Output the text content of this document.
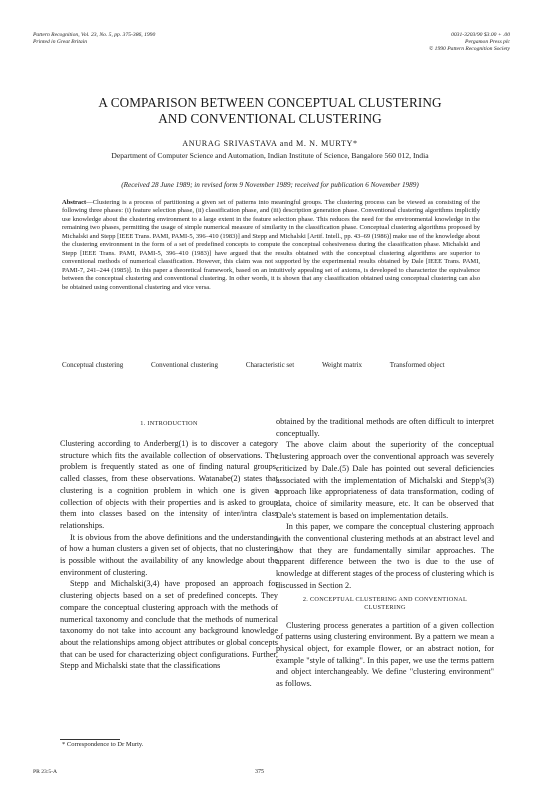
Pattern Recognition, Vol. 23, No. 5, pp. 375-386, 1990
Printed in Great Britain
0031-3203/90 $3.00 + .00
Pergamon Press plc
© 1990 Pattern Recognition Society
A COMPARISON BETWEEN CONCEPTUAL CLUSTERING
AND CONVENTIONAL CLUSTERING
ANURAG SRIVASTAVA and M. N. MURTY*
Department of Computer Science and Automation, Indian Institute of Science, Bangalore 560 012, India
(Received 28 June 1989; in revised form 9 November 1989; received for publication 6 November 1989)
Abstract—Clustering is a process of partitioning a given set of patterns into meaningful groups. The clustering process can be viewed as consisting of the following three phases: (i) feature selection phase, (ii) classification phase, and (iii) description generation phase. Conventional clustering algorithms implicitly use knowledge about the clustering environment to a large extent in the feature selection phase. This reduces the need for the environmental knowledge in the remaining two phases, permitting the usage of simple numerical measure of similarity in the classification phase. Conceptual clustering algorithms proposed by Michalski and Stepp [IEEE Trans. PAMI, PAMI-5, 396–410 (1983)] and Stepp and Michalski [Artif. Intell., pp. 43–69 (1986)] make use of the knowledge about the clustering environment in the form of a set of predefined concepts to compute the conceptual cohesiveness during the classification phase. Michalski and Stepp [IEEE Trans. PAMI, PAMI-5, 396–410 (1983)] have argued that the results obtained with the conceptual clustering algorithms are superior to conventional methods of numerical classification. However, this claim was not supported by the experimental results obtained by Dale [IEEE Trans. PAMI, PAMI-7, 241–244 (1985)]. In this paper a theoretical framework, based on an intuitively appealing set of axioms, is developed to characterize the equivalence between the conceptual clustering and conventional clustering. In other words, it is shown that any classification obtained using conceptual clustering can also be obtained using conventional clustering and vice versa.
Conceptual clustering	Conventional clustering	Characteristic set	Weight matrix	Transformed object
1. INTRODUCTION

Clustering according to Anderberg(1) is to discover a category structure which fits the available collection of observations. The problem is frequently stated as one of finding natural groups, called classes, from these observations. Watanabe(2) states that clustering is a cognition problem in which one is given a collection of objects with their properties and is asked to group them into classes based on the intensity of inter/intra class relationships.

It is obvious from the above definitions and the understanding of how a human clusters a given set of objects, that no clustering is possible without the availability of any knowledge about the environment of clustering.

Stepp and Michalski(3,4) have proposed an approach for clustering objects based on a set of predefined concepts. They compare the conceptual clustering approach with the methods of numerical taxonomy and conclude that the methods of numerical taxonomy do not take into account any background knowledge about the relationships among object attributes or global concepts that can be used for characterizing object configurations. Further, Stepp and Michalski state that the classifications

obtained by the traditional methods are often difficult to interpret conceptually.

The above claim about the superiority of the conceptual clustering approach over the conventional approach was severely criticized by Dale.(5) Dale has pointed out several deficiencies associated with the implementation of Michalski and Stepp's(3) approach like appropriateness of data transformation, coding of data, choice of similarity measure, etc. It can be observed that Dale's statement is based on implementation details.

In this paper, we compare the conceptual clustering approach with the conventional clustering methods at an abstract level and show that they are fundamentally similar approaches. The apparent difference between the two is due to the use of knowledge at different stages of the process of clustering which is discussed in Section 2.

2. CONCEPTUAL CLUSTERING AND CONVENTIONAL
CLUSTERING

Clustering process generates a partition of a given collection of patterns using clustering environment. By a pattern we mean a physical object, for example flower, or an abstract notion, for example "style of talking". In this paper, we use the terms pattern and object interchangeably. We define "clustering environment" as follows.

* Correspondence to Dr Murty.
PR 23:5-A	375
